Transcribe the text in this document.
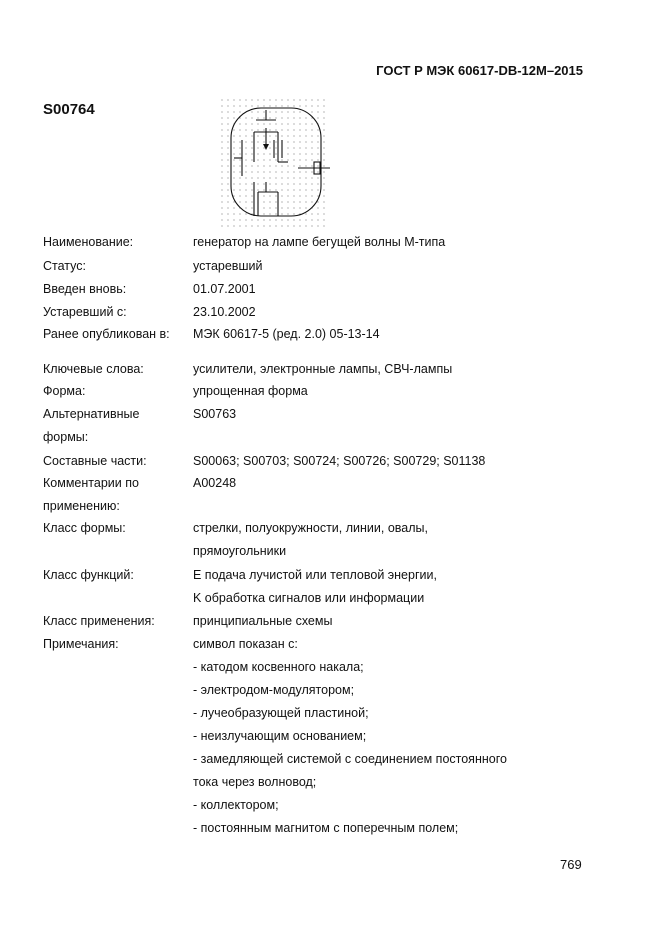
ГОСТ Р МЭК 60617-DB-12M–2015
S00764
Наименование:	генератор на лампе бегущей волны М-типа
Статус:	устаревший
Введен вновь:	01.07.2001
Устаревший с:	23.10.2002
Ранее опубликован в:	МЭК 60617-5 (ред. 2.0) 05-13-14
Ключевые слова:	усилители, электронные лампы, СВЧ-лампы
Форма:	упрощенная форма
Альтернативные
формы:
S00763
Составные части:	S00063; S00703; S00724; S00726; S00729; S01138
Комментарии по
применению:
A00248
Класс формы:	стрелки, полуокружности, линии, овалы,
прямоугольники
Класс функций:	E подача лучистой или тепловой энергии,
K обработка сигналов или информации
Класс применения:	принципиальные схемы
Примечания:	символ показан с:
- катодом косвенного накала;
- электродом-модулятором;
- лучеобразующей пластиной;
- неизлучающим основанием;
- замедляющей системой с соединением постоянного
тока через волновод;
- коллектором;
- постоянным магнитом с поперечным полем;
769
